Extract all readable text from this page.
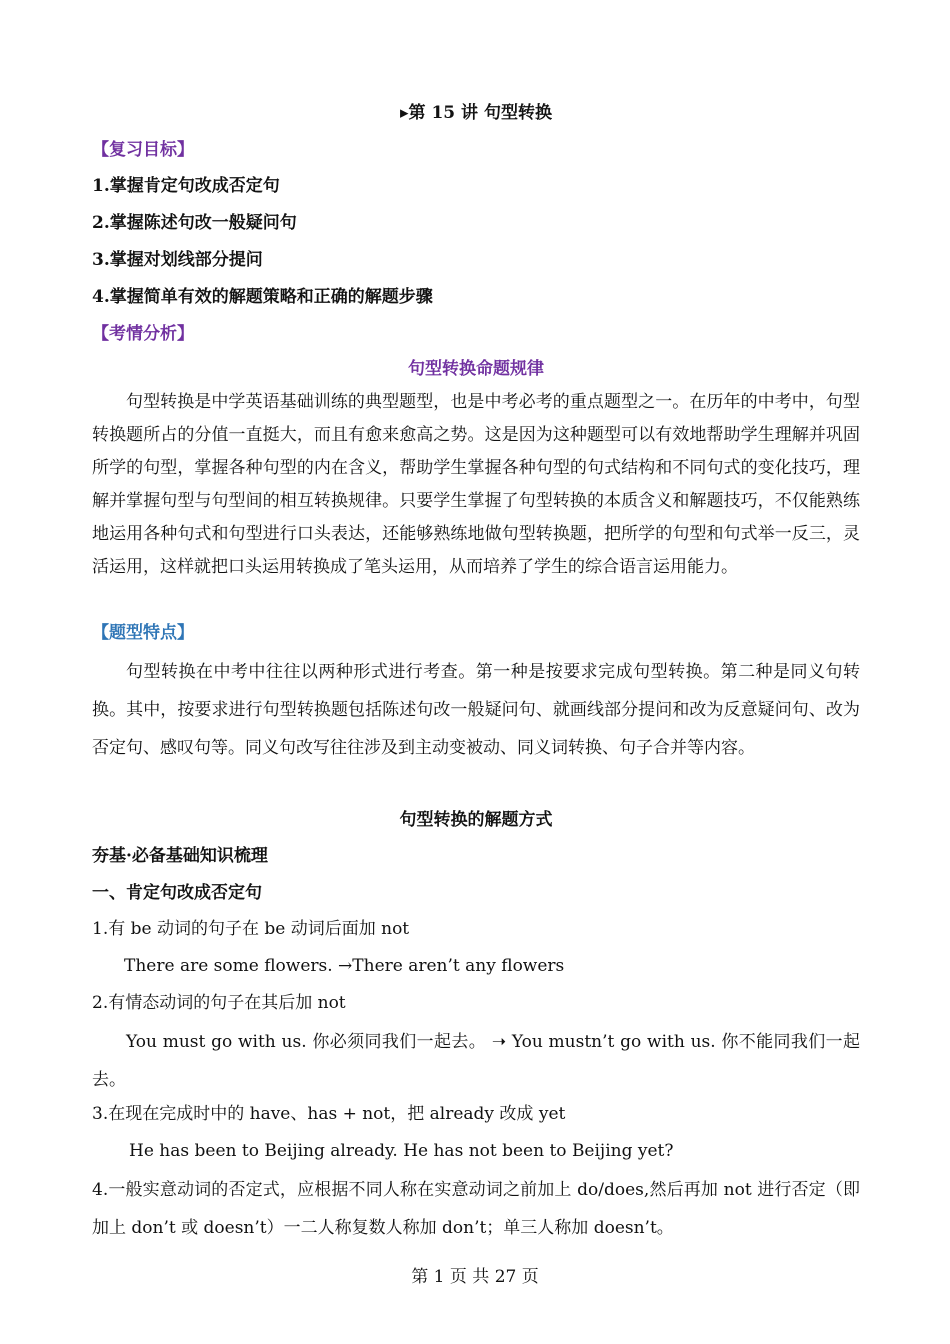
▸第 15 讲 句型转换
【复习目标】
1.掌握肯定句改成否定句
2.掌握陈述句改一般疑问句
3.掌握对划线部分提问
4.掌握简单有效的解题策略和正确的解题步骤
【考情分析】
句型转换命题规律
句型转换是中学英语基础训练的典型题型，也是中考必考的重点题型之一。在历年的中考中，句型转换题所占的分值一直挺大，而且有愈来愈高之势。这是因为这种题型可以有效地帮助学生理解并巩固所学的句型，掌握各种句型的内在含义，帮助学生掌握各种句型的句式结构和不同句式的变化技巧，理解并掌握句型与句型间的相互转换规律。只要学生掌握了句型转换的本质含义和解题技巧，不仅能熟练地运用各种句式和句型进行口头表达，还能够熟练地做句型转换题，把所学的句型和句式举一反三，灵活运用，这样就把口头运用转换成了笔头运用，从而培养了学生的综合语言运用能力。
【题型特点】
句型转换在中考中往往以两种形式进行考查。第一种是按要求完成句型转换。第二种是同义句转换。其中，按要求进行句型转换题包括陈述句改一般疑问句、就画线部分提问和改为反意疑问句、改为否定句、感叹句等。同义句改写往往涉及到主动变被动、同义词转换、句子合并等内容。
句型转换的解题方式
夯基·必备基础知识梳理
一、肯定句改成否定句
1.有 be 动词的句子在 be 动词后面加 not
There are some flowers. →There aren’t any flowers
2.有情态动词的句子在其后加 not
You must go with us. 你必须同我们一起去。 ➝ You mustn’t go with us. 你不能同我们一起去。
3.在现在完成时中的 have、has + not，把 already 改成 yet
He has been to Beijing already. He has not been to Beijing yet?
4.一般实意动词的否定式，应根据不同人称在实意动词之前加上 do/does,然后再加 not 进行否定（即加上 don’t 或 doesn’t）一二人称复数人称加 don’t；单三人称加 doesn’t。
第 1 页 共 27 页
